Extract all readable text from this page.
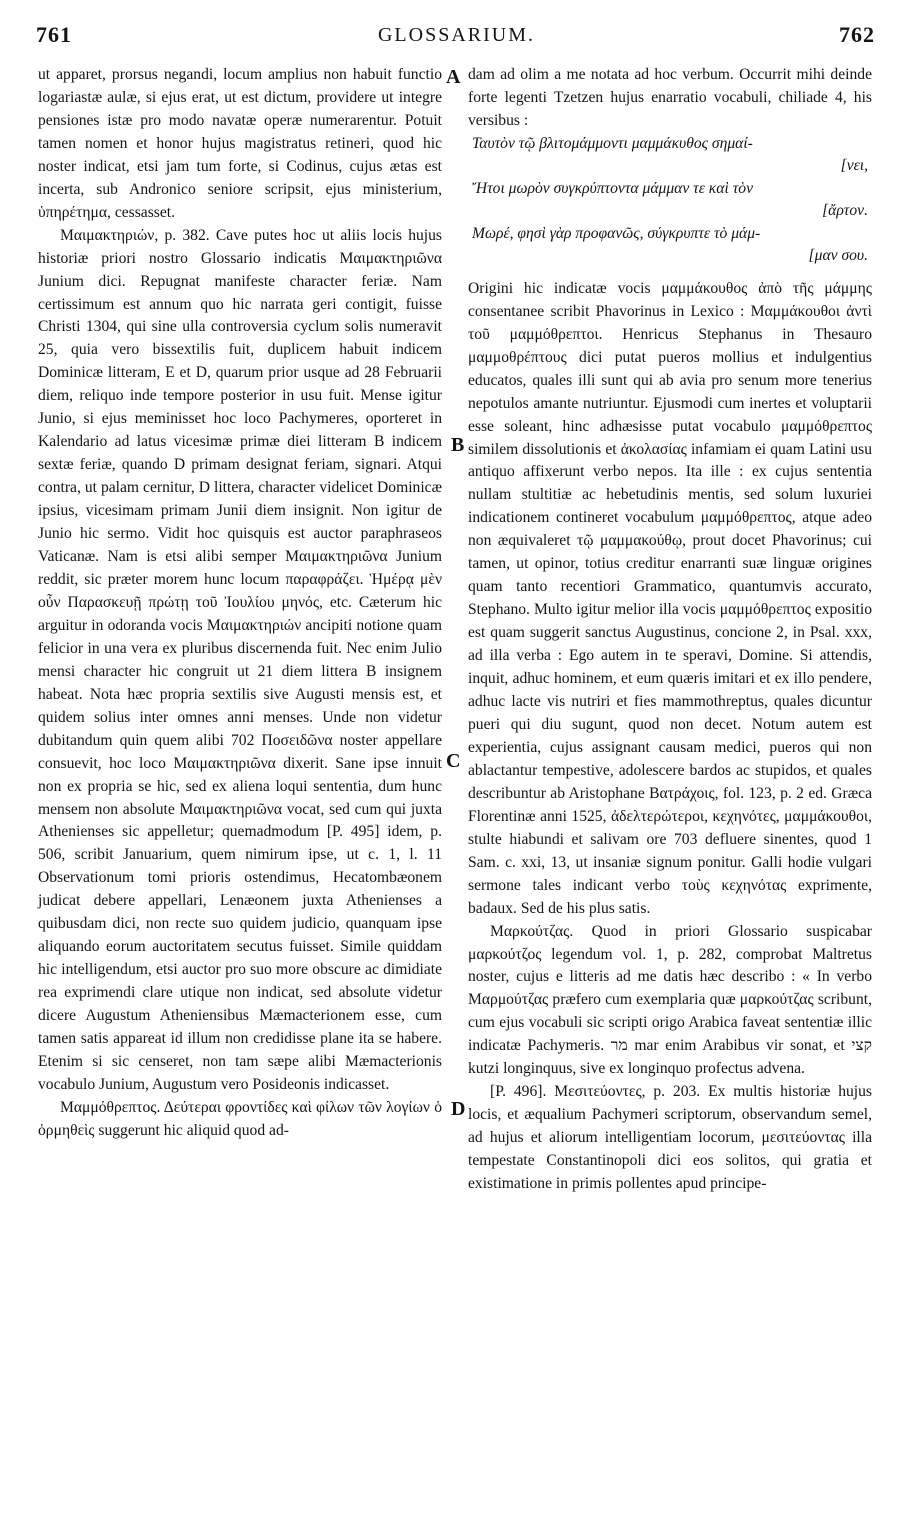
761	GLOSSARIUM.	762

ut apparet, prorsus negandi, locum amplius non habuit functio logariastæ aulæ, si ejus erat, ut est dictum, providere ut integre pensiones istæ pro modo navatæ operæ numerarentur. Potuit tamen nomen et honor hujus magistratus retineri, quod hic noster indicat, etsi jam tum forte, si Codinus, cujus ætas est incerta, sub Andronico seniore scripsit, ejus ministerium, ὑπηρέτημα, cessasset.

Μαιμακτηριών, p. 382. Cave putes hoc ut aliis locis hujus historiæ priori nostro Glossario indicatis Μαιμακτηριῶνα Junium dici. Repugnat manifeste character feriæ. Nam certissimum est annum quo hic narrata geri contigit, fuisse Christi 1304, qui sine ulla controversia cyclum solis numeravit 25, quia vero bissextilis fuit, duplicem habuit indicem Dominicæ litteram, E et D, quarum prior usque ad 28 Februarii diem, reliquo inde tempore posterior in usu fuit. Mense igitur Junio, si ejus meminisset hoc loco Pachymeres, oporteret in Kalendario ad latus vicesimæ primæ diei litteram B indicem sextæ feriæ, quando D primam designat feriam, signari. Atqui contra, ut palam cernitur, D littera, character videlicet Dominicæ ipsius, vicesimam primam Junii diem insignit. Non igitur de Junio hic sermo. Vidit hoc quisquis est auctor paraphraseos Vaticanæ. Nam is etsi alibi semper Μαιμακτηριῶνα Junium reddit, sic præter morem hunc locum παραφράζει. Ἡμέρᾳ μὲν οὖν Παρασκευῇ πρώτῃ τοῦ Ἰουλίου μηνός, etc. Cæterum hic arguitur in odoranda vocis Μαιμακτηριών ancipiti notione quam felicior in una vera ex pluribus discernenda fuit. Nec enim Julio mensi character hic congruit ut 21 diem littera B insignem habeat. Nota hæc propria sextilis sive Augusti mensis est, et quidem solius inter omnes anni menses. Unde non videtur dubitandum quin quem alibi 702 Ποσειδῶνα noster appellare consuevit, hoc loco Μαιμακτηριῶνα dixerit. Sane ipse innuit non ex propria se hic, sed ex aliena loqui sententia, dum hunc mensem non absolute Μαιμακτηριῶνα vocat, sed cum qui juxta Athenienses sic appelletur; quemadmodum [P. 495] idem, p. 506, scribit Januarium, quem nimirum ipse, ut c. 1, l. 11 Observationum tomi prioris ostendimus, Hecatombæonem judicat debere appellari, Lenæonem juxta Athenienses a quibusdam dici, non recte suo quidem judicio, quanquam ipse aliquando eorum auctoritatem secutus fuisset. Simile quiddam hic intelligendum, etsi auctor pro suo more obscure ac dimidiate rea exprimendi clare utique non indicat, sed absolute videtur dicere Augustum Atheniensibus Mæmacterionem esse, cum tamen satis appareat id illum non credidisse plane ita se habere. Etenim si sic censeret, non tam sæpe alibi Mæmacterionis vocabulo Junium, Augustum vero Posideonis indicasset.

Μαμμόθρεπτος. Δεύτεραι φροντίδες καὶ φίλων τῶν λογίων ὁ ὁρμηθεὶς suggerunt hic aliquid quod ad-

A
B
C
D

dam ad olim a me notata ad hoc verbum. Occurrit mihi deinde forte legenti Tzetzen hujus enarratio vocabuli, chiliade 4, his versibus :

Ταυτὸν τῷ βλιτομάμμοντι μαμμάκυθος σημαί-
[νει,
Ἤτοι μωρὸν συγκρύπτοντα μάμμαν τε καὶ τὸν
[ἄρτον.
Μωρέ, φησὶ γὰρ προφανῶς, σύγκρυπτε τὸ μάμ-
[μαν σου.

Origini hic indicatæ vocis μαμμάκουθος ἀπὸ τῆς μάμμης consentanee scribit Phavorinus in Lexico : Μαμμάκουθοι ἀντὶ τοῦ μαμμόθρεπτοι. Henricus Stephanus in Thesauro μαμμοθρέπτους dici putat pueros mollius et indulgentius educatos, quales illi sunt qui ab avia pro senum more tenerius nepotulos amante nutriuntur. Ejusmodi cum inertes et voluptarii esse soleant, hinc adhæsisse putat vocabulo μαμμόθρεπτος similem dissolutionis et ἀκολασίας infamiam ei quam Latini usu antiquo affixerunt verbo nepos. Ita ille : ex cujus sententia nullam stultitiæ ac hebetudinis mentis, sed solum luxuriei indicationem contineret vocabulum μαμμόθρεπτος, atque adeo non æquivaleret τῷ μαμμακούθῳ, prout docet Phavorinus; cui tamen, ut opinor, totius creditur enarranti suæ linguæ origines quam tanto recentiori Grammatico, quantumvis accurato, Stephano. Multo igitur melior illa vocis μαμμόθρεπτος expositio est quam suggerit sanctus Augustinus, concione 2, in Psal. xxx, ad illa verba : Ego autem in te speravi, Domine. Si attendis, inquit, adhuc hominem, et eum quæris imitari et ex illo pendere, adhuc lacte vis nutriri et fies mammothreptus, quales dicuntur pueri qui diu sugunt, quod non decet. Notum autem est experientia, cujus assignant causam medici, pueros qui non ablactantur tempestive, adolescere bardos ac stupidos, et quales describuntur ab Aristophane Βατράχοις, fol. 123, p. 2 ed. Græca Florentinæ anni 1525, ἀδελτερώτεροι, κεχηνότες, μαμμάκουθοι, stulte hiabundi et salivam ore 703 defluere sinentes, quod 1 Sam. c. xxi, 13, ut insaniæ signum ponitur. Galli hodie vulgari sermone tales indicant verbo τοὺς κεχηνότας exprimente, badaux. Sed de his plus satis.

Μαρκούτζας. Quod in priori Glossario suspicabar μαρκούτζος legendum vol. 1, p. 282, comprobat Maltretus noster, cujus e litteris ad me datis hæc describo : « In verbo Μαρμούτζας præfero cum exemplaria quæ μαρκούτζας scribunt, cum ejus vocabuli sic scripti origo Arabica faveat sententiæ illic indicatæ Pachymeris. מר mar enim Arabibus vir sonat, et קצי kutzi longinquus, sive ex longinquo profectus advena.

[P. 496]. Μεσιτεύοντες, p. 203. Ex multis historiæ hujus locis, et æqualium Pachymeri scriptorum, observandum semel, ad hujus et aliorum intelligentiam locorum, μεσιτεύοντας illa tempestate Constantinopoli dici eos solitos, qui gratia et existimatione in primis pollentes apud principe-
